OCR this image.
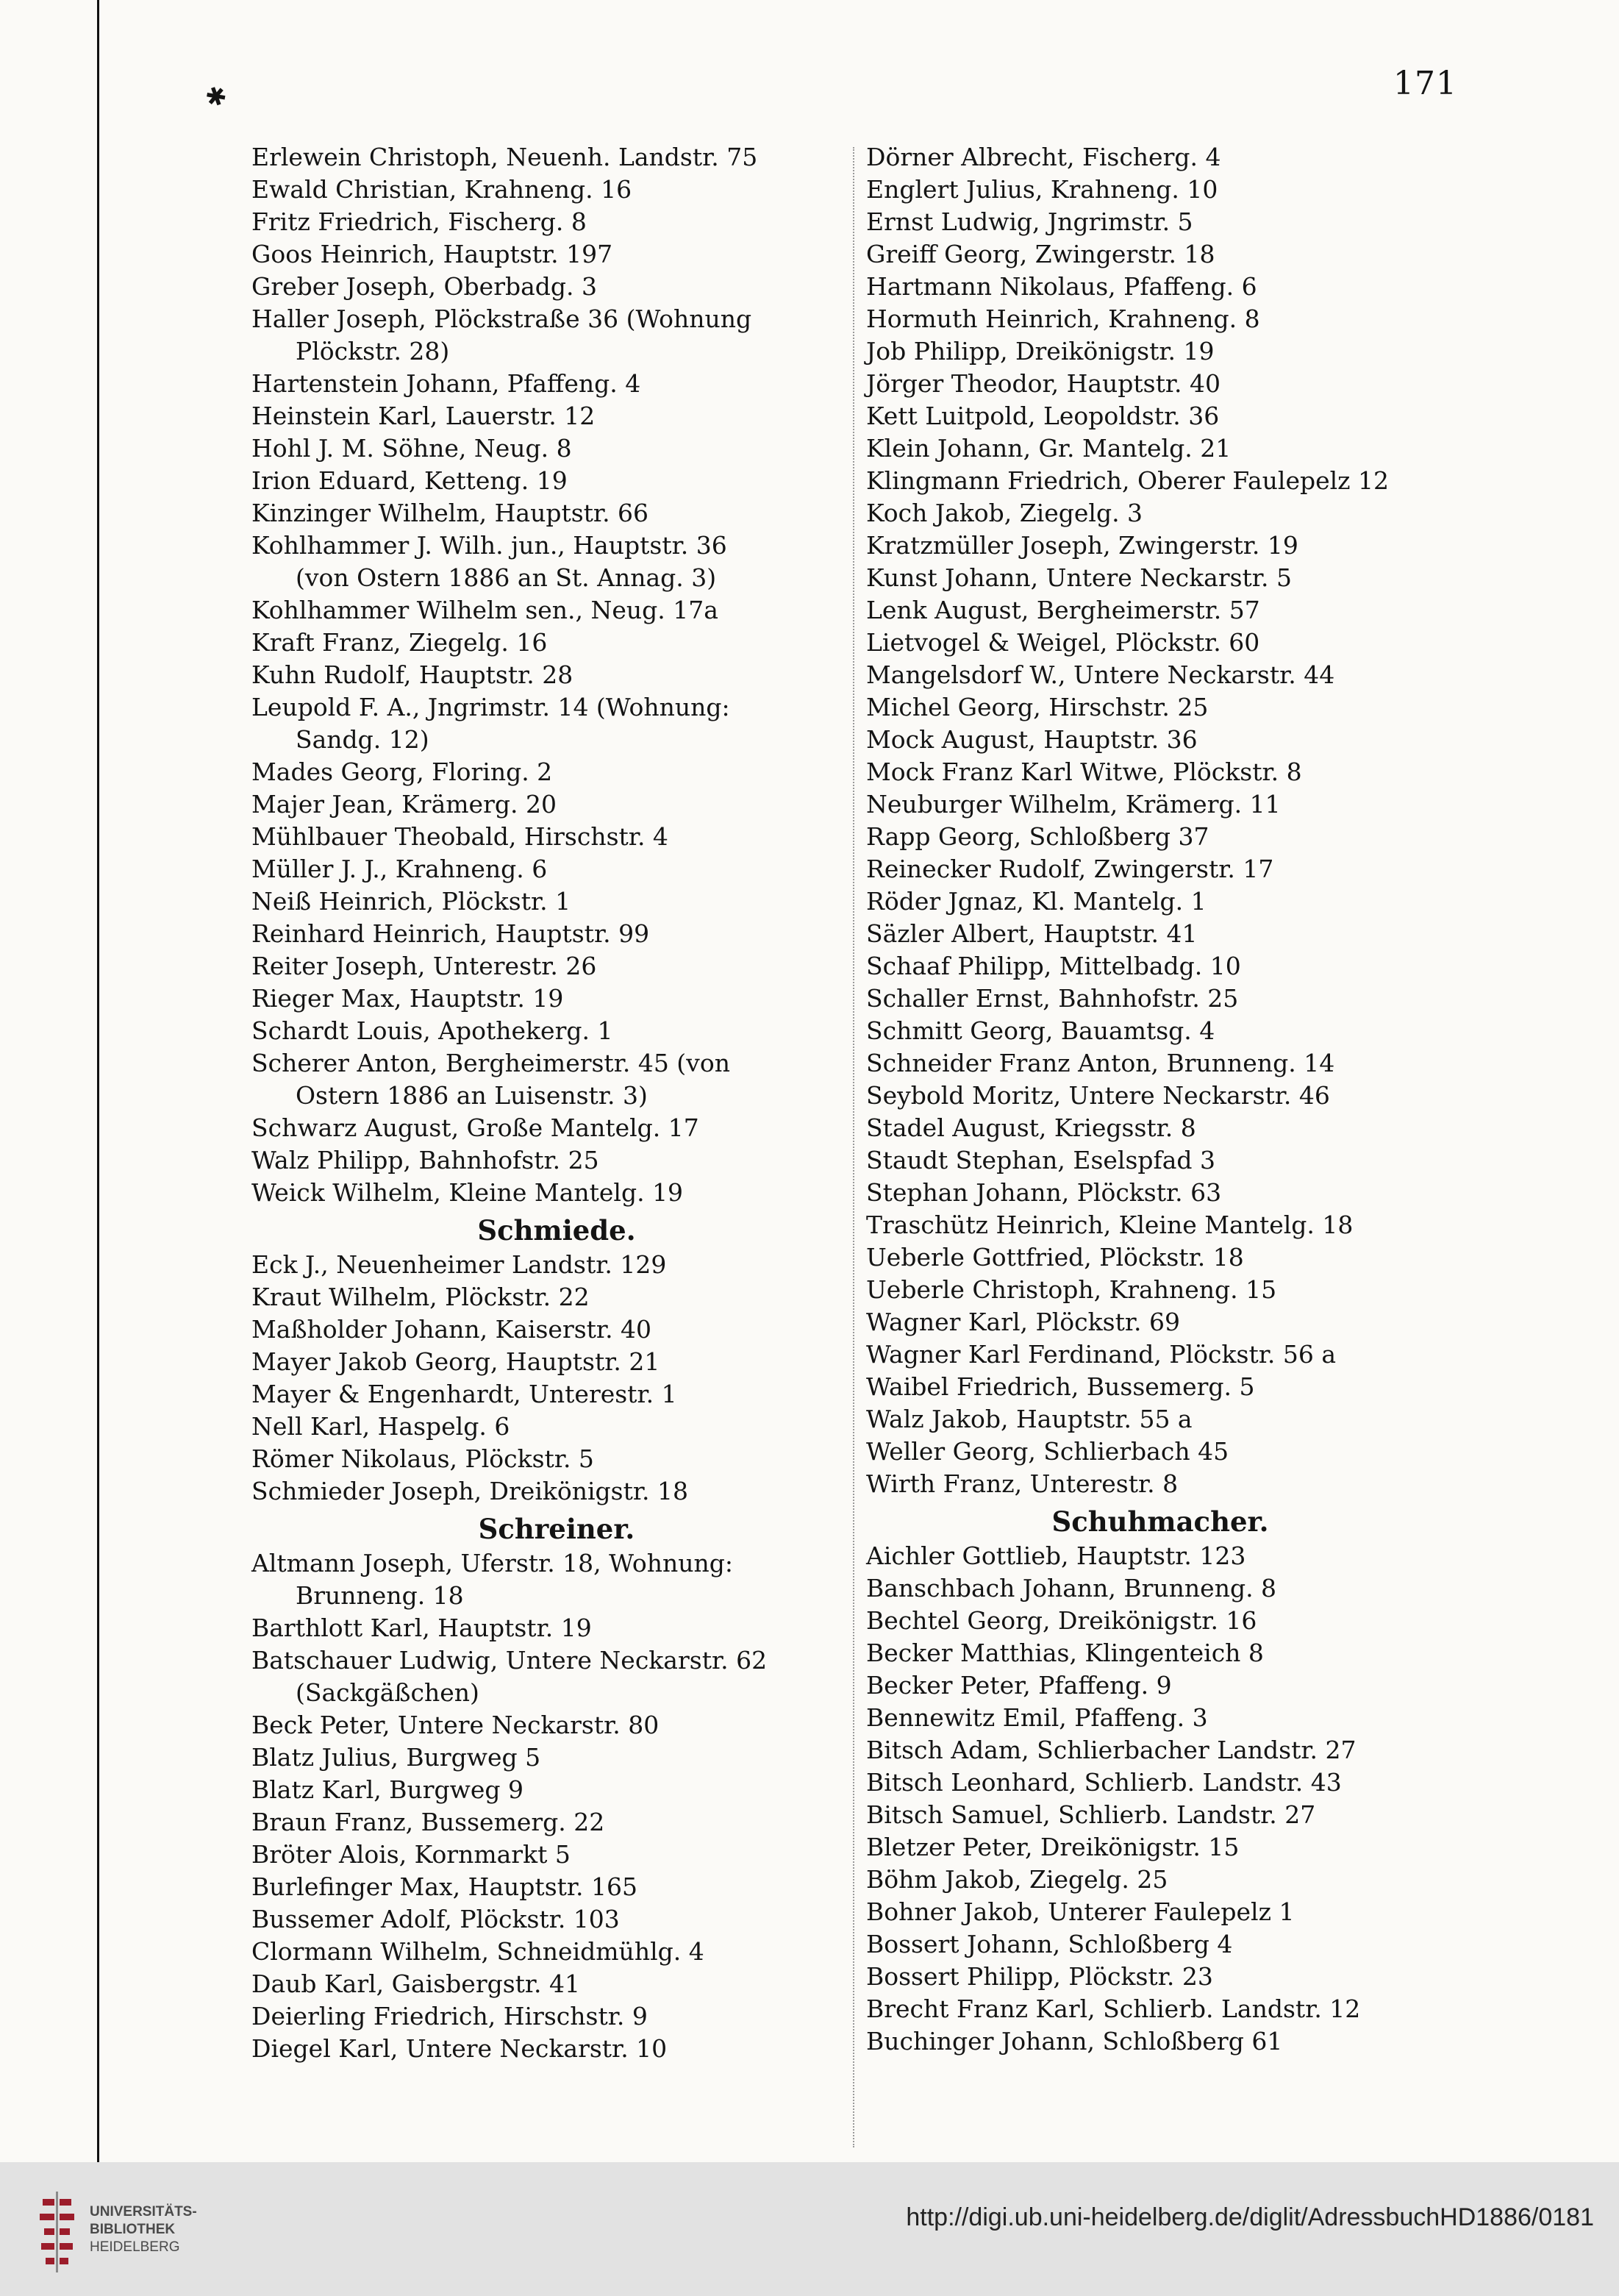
✱	171
Erlewein Christoph, Neuenh. Landstr. 75
Ewald Christian, Krahneng. 16
Fritz Friedrich, Fischerg. 8
Goos Heinrich, Hauptstr. 197
Greber Joseph, Oberbadg. 3
Haller Joseph, Plöckstraße 36 (Wohnung
Plöckstr. 28)
Hartenstein Johann, Pfaffeng. 4
Heinstein Karl, Lauerstr. 12
Hohl J. M. Söhne, Neug. 8
Irion Eduard, Ketteng. 19
Kinzinger Wilhelm, Hauptstr. 66
Kohlhammer J. Wilh. jun., Hauptstr. 36
(von Ostern 1886 an St. Annag. 3)
Kohlhammer Wilhelm sen., Neug. 17a
Kraft Franz, Ziegelg. 16
Kuhn Rudolf, Hauptstr. 28
Leupold F. A., Jngrimstr. 14 (Wohnung:
Sandg. 12)
Mades Georg, Floring. 2
Majer Jean, Krämerg. 20
Mühlbauer Theobald, Hirschstr. 4
Müller J. J., Krahneng. 6
Neiß Heinrich, Plöckstr. 1
Reinhard Heinrich, Hauptstr. 99
Reiter Joseph, Unterestr. 26
Rieger Max, Hauptstr. 19
Schardt Louis, Apothekerg. 1
Scherer Anton, Bergheimerstr. 45 (von
Ostern 1886 an Luisenstr. 3)
Schwarz August, Große Mantelg. 17
Walz Philipp, Bahnhofstr. 25
Weick Wilhelm, Kleine Mantelg. 19
Schmiede.
Eck J., Neuenheimer Landstr. 129
Kraut Wilhelm, Plöckstr. 22
Maßholder Johann, Kaiserstr. 40
Mayer Jakob Georg, Hauptstr. 21
Mayer & Engenhardt, Unterestr. 1
Nell Karl, Haspelg. 6
Römer Nikolaus, Plöckstr. 5
Schmieder Joseph, Dreikönigstr. 18
Schreiner.
Altmann Joseph, Uferstr. 18, Wohnung:
Brunneng. 18
Barthlott Karl, Hauptstr. 19
Batschauer Ludwig, Untere Neckarstr. 62
(Sackgäßchen)
Beck Peter, Untere Neckarstr. 80
Blatz Julius, Burgweg 5
Blatz Karl, Burgweg 9
Braun Franz, Bussemerg. 22
Bröter Alois, Kornmarkt 5
Burlefinger Max, Hauptstr. 165
Bussemer Adolf, Plöckstr. 103
Clormann Wilhelm, Schneidmühlg. 4
Daub Karl, Gaisbergstr. 41
Deierling Friedrich, Hirschstr. 9
Diegel Karl, Untere Neckarstr. 10
Dörner Albrecht, Fischerg. 4
Englert Julius, Krahneng. 10
Ernst Ludwig, Jngrimstr. 5
Greiff Georg, Zwingerstr. 18
Hartmann Nikolaus, Pfaffeng. 6
Hormuth Heinrich, Krahneng. 8
Job Philipp, Dreikönigstr. 19
Jörger Theodor, Hauptstr. 40
Kett Luitpold, Leopoldstr. 36
Klein Johann, Gr. Mantelg. 21
Klingmann Friedrich, Oberer Faulepelz 12
Koch Jakob, Ziegelg. 3
Kratzmüller Joseph, Zwingerstr. 19
Kunst Johann, Untere Neckarstr. 5
Lenk August, Bergheimerstr. 57
Lietvogel & Weigel, Plöckstr. 60
Mangelsdorf W., Untere Neckarstr. 44
Michel Georg, Hirschstr. 25
Mock August, Hauptstr. 36
Mock Franz Karl Witwe, Plöckstr. 8
Neuburger Wilhelm, Krämerg. 11
Rapp Georg, Schloßberg 37
Reinecker Rudolf, Zwingerstr. 17
Röder Jgnaz, Kl. Mantelg. 1
Säzler Albert, Hauptstr. 41
Schaaf Philipp, Mittelbadg. 10
Schaller Ernst, Bahnhofstr. 25
Schmitt Georg, Bauamtsg. 4
Schneider Franz Anton, Brunneng. 14
Seybold Moritz, Untere Neckarstr. 46
Stadel August, Kriegsstr. 8
Staudt Stephan, Eselspfad 3
Stephan Johann, Plöckstr. 63
Traschütz Heinrich, Kleine Mantelg. 18
Ueberle Gottfried, Plöckstr. 18
Ueberle Christoph, Krahneng. 15
Wagner Karl, Plöckstr. 69
Wagner Karl Ferdinand, Plöckstr. 56 a
Waibel Friedrich, Bussemerg. 5
Walz Jakob, Hauptstr. 55 a
Weller Georg, Schlierbach 45
Wirth Franz, Unterestr. 8
Schuhmacher.
Aichler Gottlieb, Hauptstr. 123
Banschbach Johann, Brunneng. 8
Bechtel Georg, Dreikönigstr. 16
Becker Matthias, Klingenteich 8
Becker Peter, Pfaffeng. 9
Bennewitz Emil, Pfaffeng. 3
Bitsch Adam, Schlierbacher Landstr. 27
Bitsch Leonhard, Schlierb. Landstr. 43
Bitsch Samuel, Schlierb. Landstr. 27
Bletzer Peter, Dreikönigstr. 15
Böhm Jakob, Ziegelg. 25
Bohner Jakob, Unterer Faulepelz 1
Bossert Johann, Schloßberg 4
Bossert Philipp, Plöckstr. 23
Brecht Franz Karl, Schlierb. Landstr. 12
Buchinger Johann, Schloßberg 61
UNIVERSITÄTS-
BIBLIOTHEK
HEIDELBERG
http://digi.ub.uni-heidelberg.de/diglit/AdressbuchHD1886/0181
